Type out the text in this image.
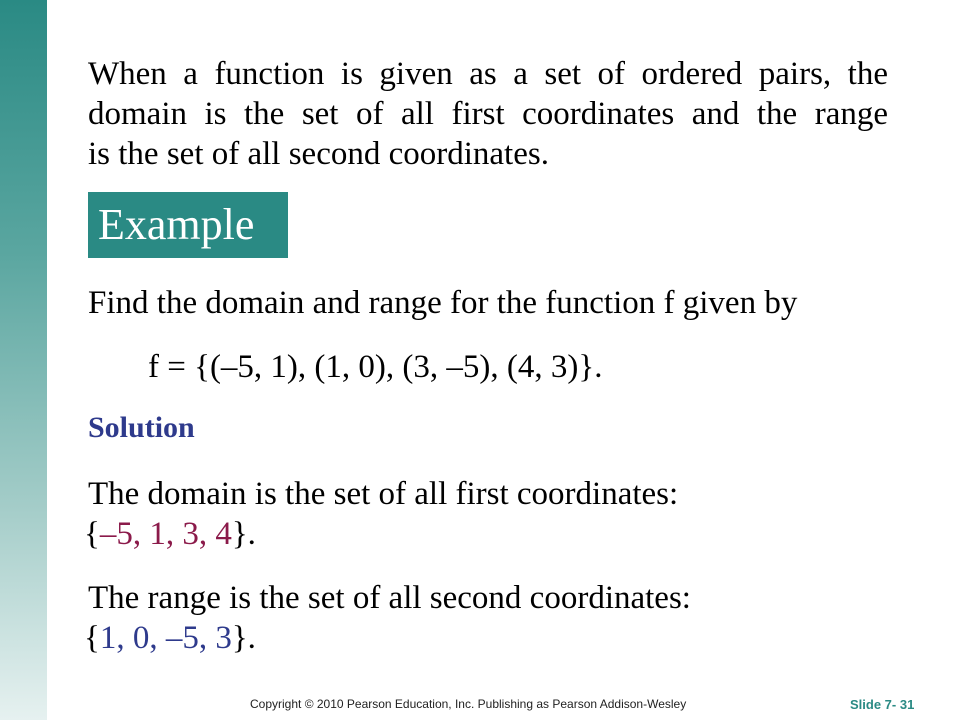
When a function is given as a set of ordered pairs, the
domain is the set of all first coordinates and the range
is the set of all second coordinates.
Example

Find the domain and range for the function f given by

f = {(–5, 1), (1, 0), (3, –5), (4, 3)}.

Solution

The domain is the set of all first coordinates:

{–5, 1, 3, 4}.

The range is the set of all second coordinates:

{1, 0, –5, 3}.

Copyright © 2010 Pearson Education, Inc. Publishing as Pearson Addison-Wesley	Slide 7- 31
